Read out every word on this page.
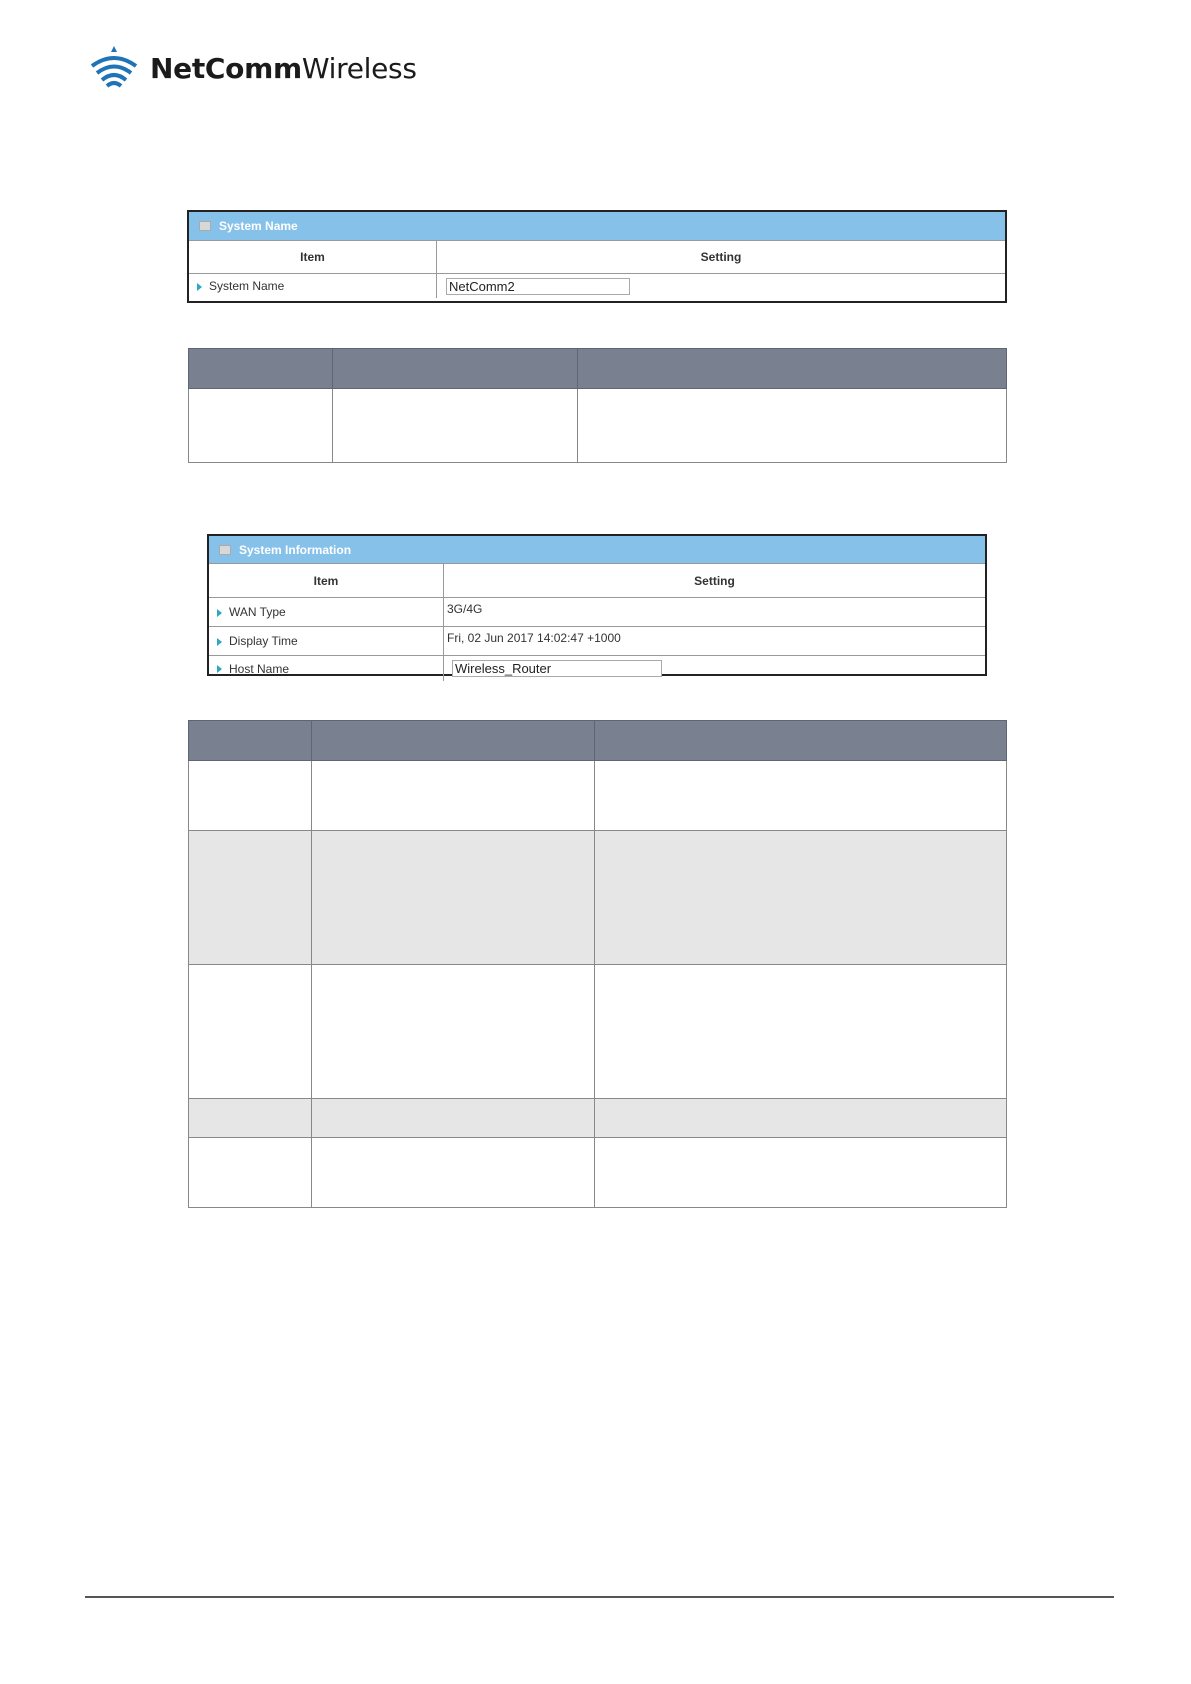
NetCommWireless
System Name
Item	Setting
System Name	NetComm2

System Information
Item	Setting
WAN Type	3G/4G
Display Time	Fri, 02 Jun 2017 14:02:47 +1000
Host Name	Wireless_Router
